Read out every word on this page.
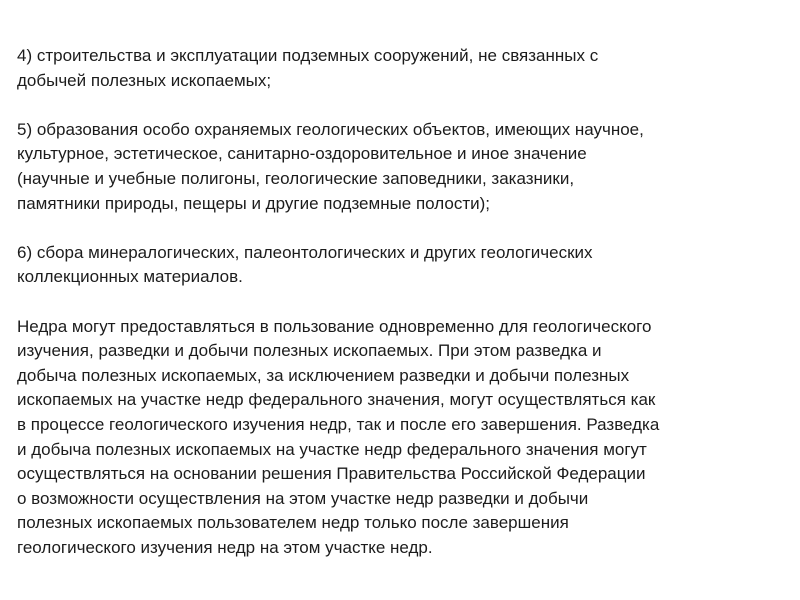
4) строительства и эксплуатации подземных сооружений, не связанных с
добычей полезных ископаемых;

5) образования особо охраняемых геологических объектов, имеющих научное,
культурное, эстетическое, санитарно-оздоровительное и иное значение
(научные и учебные полигоны, геологические заповедники, заказники,
памятники природы, пещеры и другие подземные полости);

6) сбора минералогических, палеонтологических и других геологических
коллекционных материалов.

Недра могут предоставляться в пользование одновременно для геологического
изучения, разведки и добычи полезных ископаемых. При этом разведка и
добыча полезных ископаемых, за исключением разведки и добычи полезных
ископаемых на участке недр федерального значения, могут осуществляться как
в процессе геологического изучения недр, так и после его завершения. Разведка
и добыча полезных ископаемых на участке недр федерального значения могут
осуществляться на основании решения Правительства Российской Федерации
о возможности осуществления на этом участке недр разведки и добычи
полезных ископаемых пользователем недр только после завершения
геологического изучения недр на этом участке недр.
